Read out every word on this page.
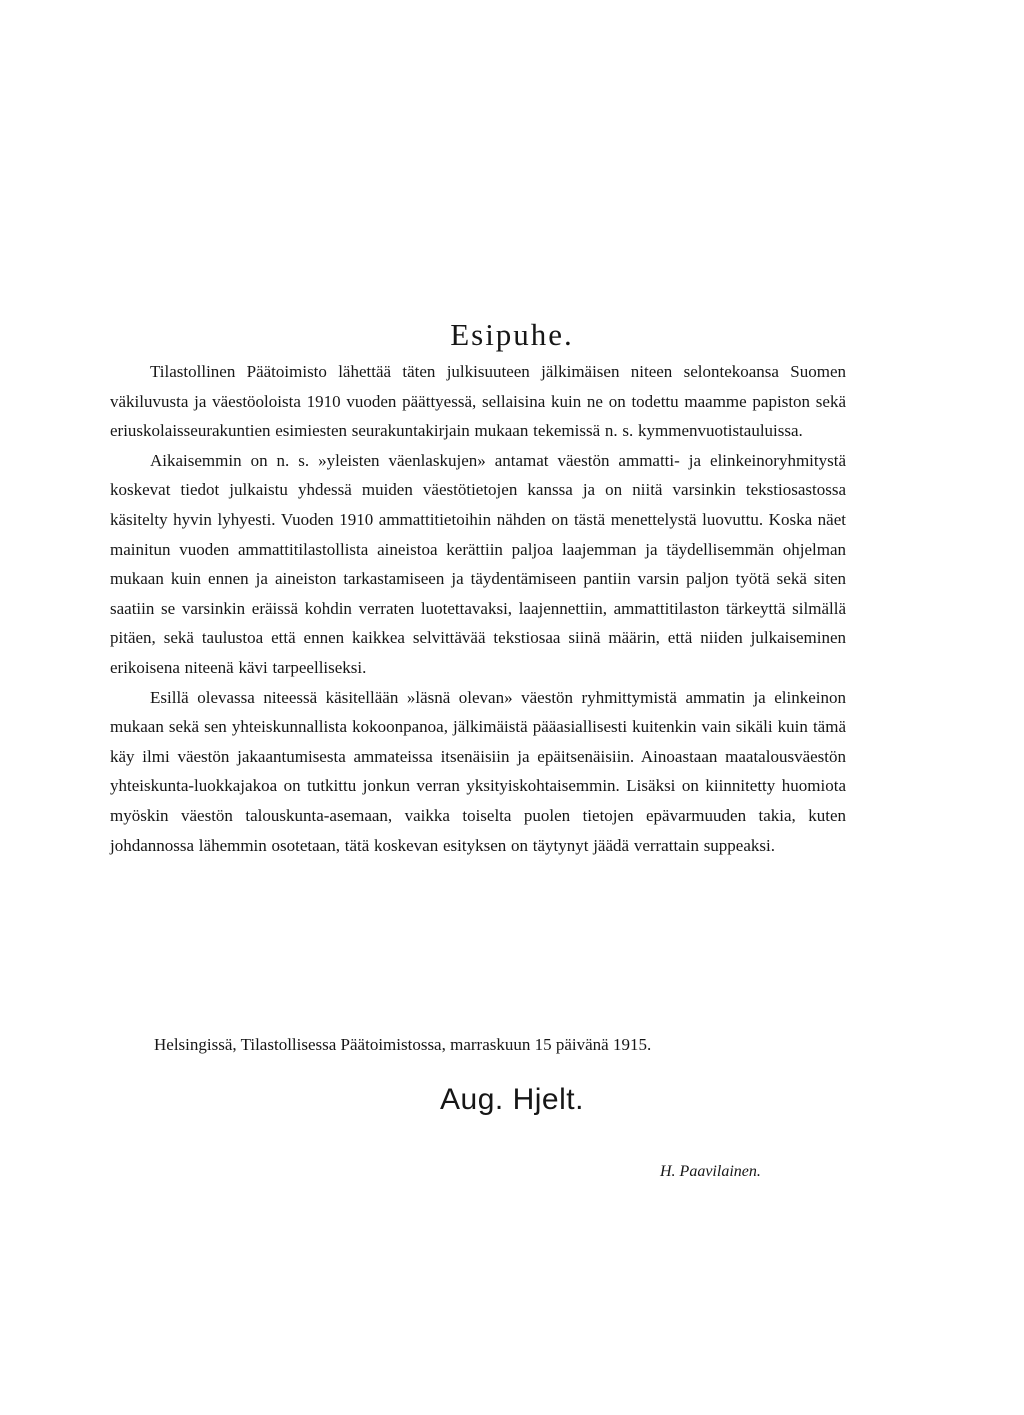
Esipuhe.

Tilastollinen Päätoimisto lähettää täten julkisuuteen jälkimäisen niteen selontekoansa Suomen väkiluvusta ja väestöoloista 1910 vuoden päättyessä, sellaisina kuin ne on todettu maamme papiston sekä eriuskolaisseurakuntien esimiesten seurakuntakirjain mukaan tekemissä n. s. kymmenvuotistauluissa.

Aikaisemmin on n. s. »yleisten väenlaskujen» antamat väestön ammatti- ja elinkeinoryhmitystä koskevat tiedot julkaistu yhdessä muiden väestötietojen kanssa ja on niitä varsinkin tekstiosastossa käsitelty hyvin lyhyesti. Vuoden 1910 ammattitietoihin nähden on tästä menettelystä luovuttu. Koska näet mainitun vuoden ammattitilastollista aineistoa kerättiin paljoa laajemman ja täydellisemmän ohjelman mukaan kuin ennen ja aineiston tarkastamiseen ja täydentämiseen pantiin varsin paljon työtä sekä siten saatiin se varsinkin eräissä kohdin verraten luotettavaksi, laajennettiin, ammattitilaston tärkeyttä silmällä pitäen, sekä taulustoa että ennen kaikkea selvittävää tekstiosaa siinä määrin, että niiden julkaiseminen erikoisena niteenä kävi tarpeelliseksi.

Esillä olevassa niteessä käsitellään »läsnä olevan» väestön ryhmittymistä ammatin ja elinkeinon mukaan sekä sen yhteiskunnallista kokoonpanoa, jälkimäistä pääasiallisesti kuitenkin vain sikäli kuin tämä käy ilmi väestön jakaantumisesta ammateissa itsenäisiin ja epäitsenäisiin. Ainoastaan maatalousväestön yhteiskunta-luokkajakoa on tutkittu jonkun verran yksityiskohtaisemmin. Lisäksi on kiinnitetty huomiota myöskin väestön talouskunta-asemaan, vaikka toiselta puolen tietojen epävarmuuden takia, kuten johdannossa lähemmin osotetaan, tätä koskevan esityksen on täytynyt jäädä verrattain suppeaksi.

Helsingissä, Tilastollisessa Päätoimistossa, marraskuun 15 päivänä 1915.
Aug. Hjelt.
H. Paavilainen.
